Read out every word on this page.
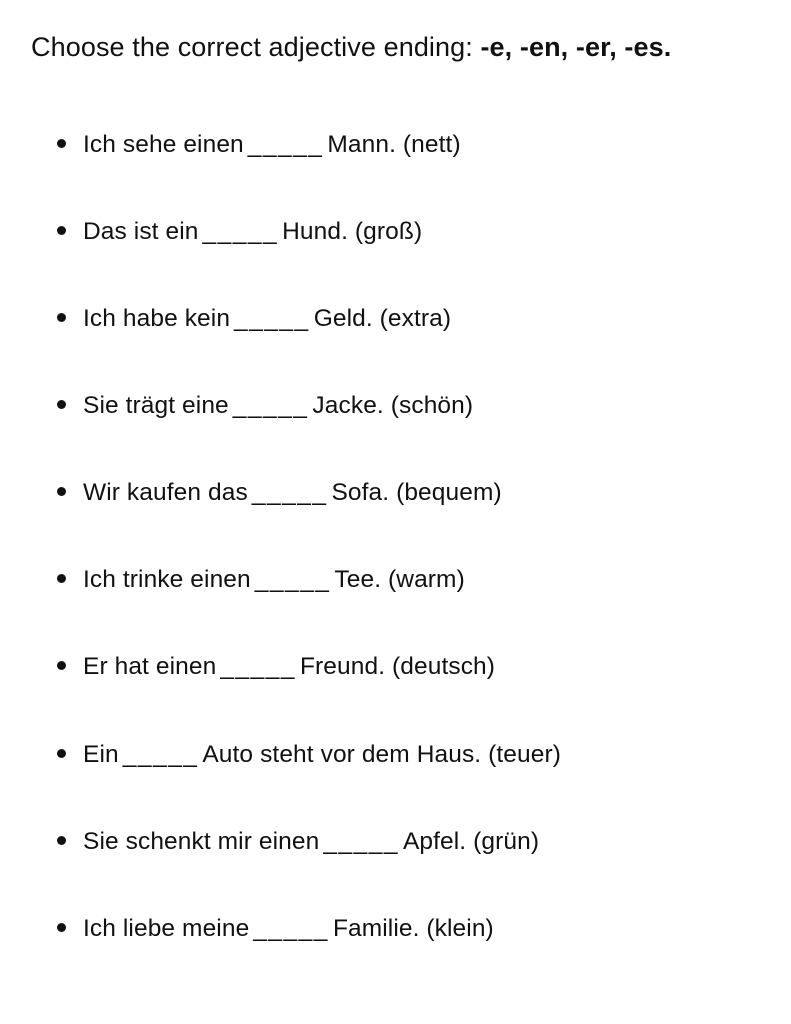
Choose the correct adjective ending: -e, -en, -er, -es.
Ich sehe einen _____ Mann. (nett)
Das ist ein _____ Hund. (groß)
Ich habe kein _____ Geld. (extra)
Sie trägt eine _____ Jacke. (schön)
Wir kaufen das _____ Sofa. (bequem)
Ich trinke einen _____ Tee. (warm)
Er hat einen _____ Freund. (deutsch)
Ein _____ Auto steht vor dem Haus. (teuer)
Sie schenkt mir einen _____ Apfel. (grün)
Ich liebe meine _____ Familie. (klein)
